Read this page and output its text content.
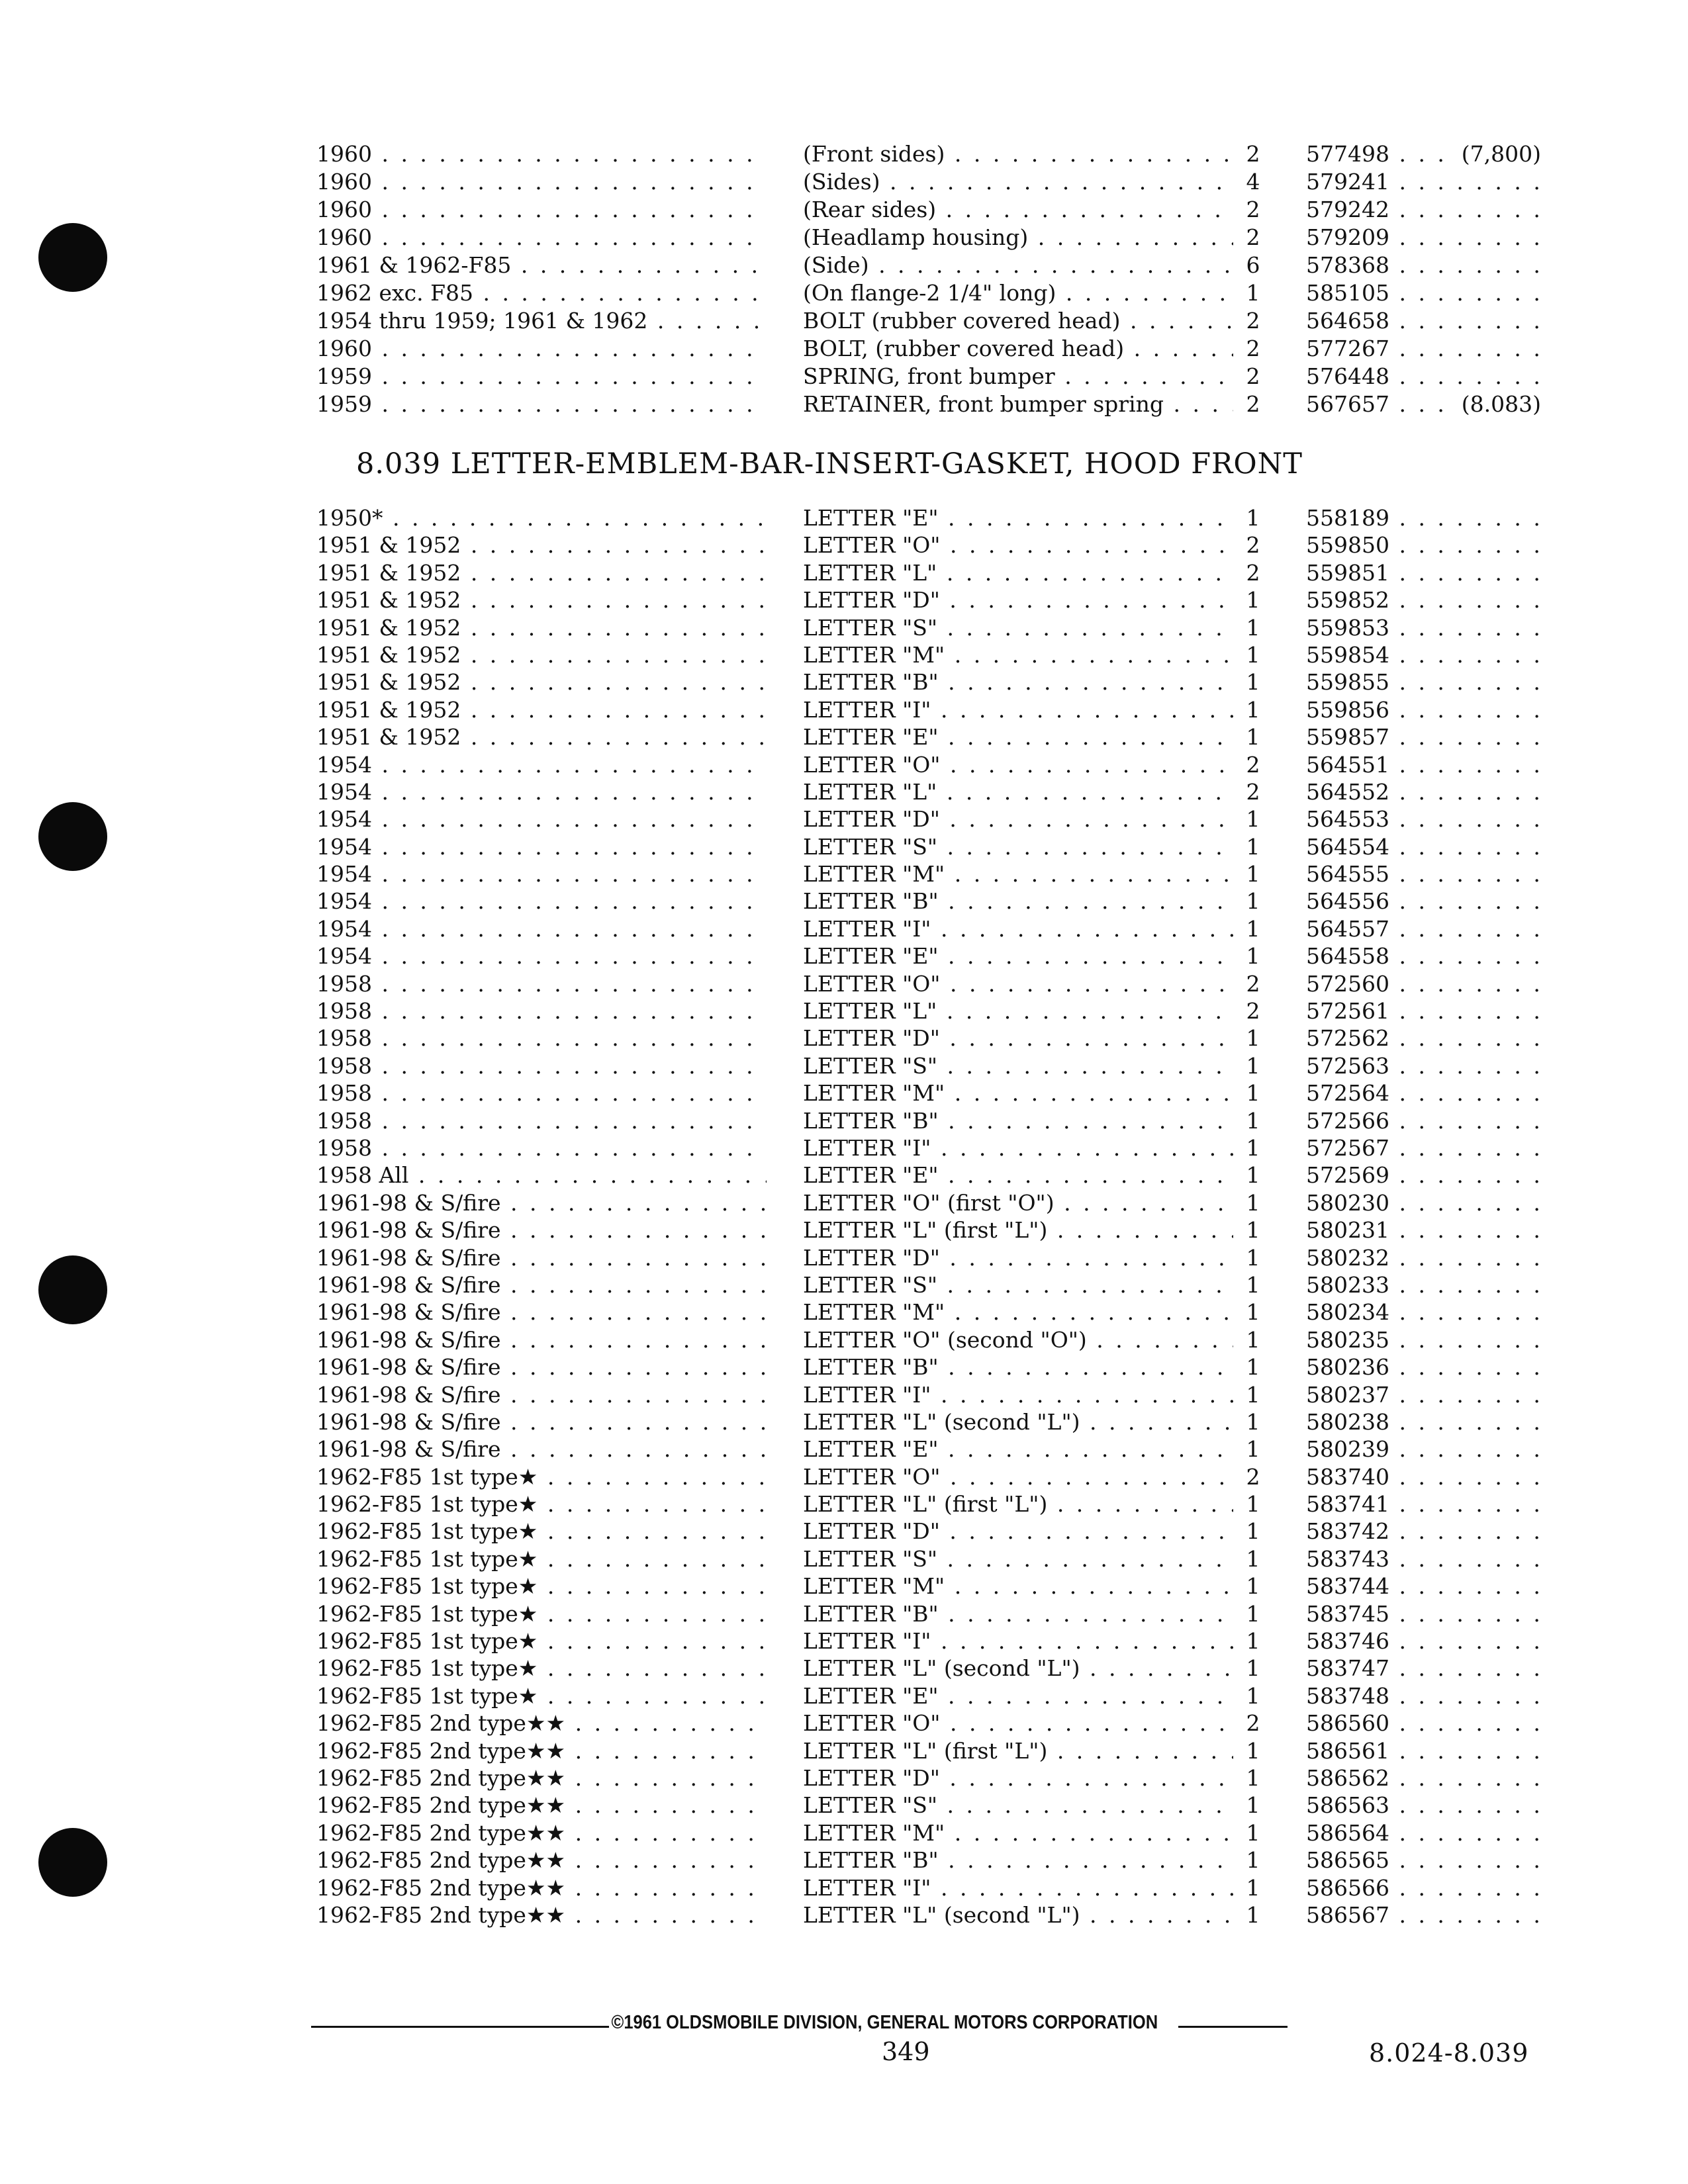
1960 . . .	(Front sides) . . .	2 577498	(7,800)
. . .
1960 . . .	(Sides) . . .	4 579241 . . .
1960 . . .	(Rear sides) . . .	2 579242 . . .
1960 . . .	(Headlamp housing) . . .	2 579209 . . .
1961 & 1962-F85 . . .	(Side) . . .	6 578368 . . .
1962 exc. F85 . . .	(On flange-2 1/4" long) . . .	1 585105 . . .
1954 thru 1959; 1961 & 1962 . . .	BOLT (rubber covered head) . . .	2 564658 . . .
1960 . . .	BOLT, (rubber covered head) . . .	2 577267 . . .
1959 . . .	SPRING, front bumper . . .	2 576448 . . .
1959 . . .	RETAINER, front bumper spring . . .	2 567657	(8.083)
. . .
8.039 LETTER-EMBLEM-BAR-INSERT-GASKET, HOOD FRONT
1950* . . .	LETTER "E" . . .	1 558189 . . .
1951 & 1952 . . .	LETTER "O" . . .	2 559850 . . .
1951 & 1952 . . .	LETTER "L" . . .	2 559851 . . .
1951 & 1952 . . .	LETTER "D" . . .	1 559852 . . .
1951 & 1952 . . .	LETTER "S" . . .	1 559853 . . .
1951 & 1952 . . .	LETTER "M" . . .	1 559854 . . .
1951 & 1952 . . .	LETTER "B" . . .	1 559855 . . .
1951 & 1952 . . .	LETTER "I" . . .	1 559856 . . .
1951 & 1952 . . .	LETTER "E" . . .	1 559857 . . .
1954 . . .	LETTER "O" . . .	2 564551 . . .
1954 . . .	LETTER "L" . . .	2 564552 . . .
1954 . . .	LETTER "D" . . .	1 564553 . . .
1954 . . .	LETTER "S" . . .	1 564554 . . .
1954 . . .	LETTER "M" . . .	1 564555 . . .
1954 . . .	LETTER "B" . . .	1 564556 . . .
1954 . . .	LETTER "I" . . .	1 564557 . . .
1954 . . .	LETTER "E" . . .	1 564558 . . .
1958 . . .	LETTER "O" . . .	2 572560 . . .
1958 . . .	LETTER "L" . . .	2 572561 . . .
1958 . . .	LETTER "D" . . .	1 572562 . . .
1958 . . .	LETTER "S" . . .	1 572563 . . .
1958 . . .	LETTER "M" . . .	1 572564 . . .
1958 . . .	LETTER "B" . . .	1 572566 . . .
1958 . . .	LETTER "I" . . .	1 572567 . . .
1958 All . . .	LETTER "E" . . .	1 572569 . . .
1961-98 & S/fire . . .	LETTER "O" (first "O") . . .	1 580230 . . .
1961-98 & S/fire . . .	LETTER "L" (first "L") . . .	1 580231 . . .
1961-98 & S/fire . . .	LETTER "D" . . .	1 580232 . . .
1961-98 & S/fire . . .	LETTER "S" . . .	1 580233 . . .
1961-98 & S/fire . . .	LETTER "M" . . .	1 580234 . . .
1961-98 & S/fire . . .	LETTER "O" (second "O") . . .	1 580235 . . .
1961-98 & S/fire . . .	LETTER "B" . . .	1 580236 . . .
1961-98 & S/fire . . .	LETTER "I" . . .	1 580237 . . .
1961-98 & S/fire . . .	LETTER "L" (second "L") . . .	1 580238 . . .
1961-98 & S/fire . . .	LETTER "E" . . .	1 580239 . . .
1962-F85 1st type★ . . .	LETTER "O" . . .	2 583740 . . .
1962-F85 1st type★ . . .	LETTER "L" (first "L") . . .	1 583741 . . .
1962-F85 1st type★ . . .	LETTER "D" . . .	1 583742 . . .
1962-F85 1st type★ . . .	LETTER "S" . . .	1 583743 . . .
1962-F85 1st type★ . . .	LETTER "M" . . .	1 583744 . . .
1962-F85 1st type★ . . .	LETTER "B" . . .	1 583745 . . .
1962-F85 1st type★ . . .	LETTER "I" . . .	1 583746 . . .
1962-F85 1st type★ . . .	LETTER "L" (second "L") . . .	1 583747 . . .
1962-F85 1st type★ . . .	LETTER "E" . . .	1 583748 . . .
1962-F85 2nd type★★ . . .	LETTER "O" . . .	2 586560 . . .
1962-F85 2nd type★★ . . .	LETTER "L" (first "L") . . .	1 586561 . . .
1962-F85 2nd type★★ . . .	LETTER "D" . . .	1 586562 . . .
1962-F85 2nd type★★ . . .	LETTER "S" . . .	1 586563 . . .
1962-F85 2nd type★★ . . .	LETTER "M" . . .	1 586564 . . .
1962-F85 2nd type★★ . . .	LETTER "B" . . .	1 586565 . . .
1962-F85 2nd type★★ . . .	LETTER "I" . . .	1 586566 . . .
1962-F85 2nd type★★ . . .	LETTER "L" (second "L") . . .	1 586567 . . .
©1961 OLDSMOBILE DIVISION, GENERAL MOTORS CORPORATION
349	8.024-8.039
